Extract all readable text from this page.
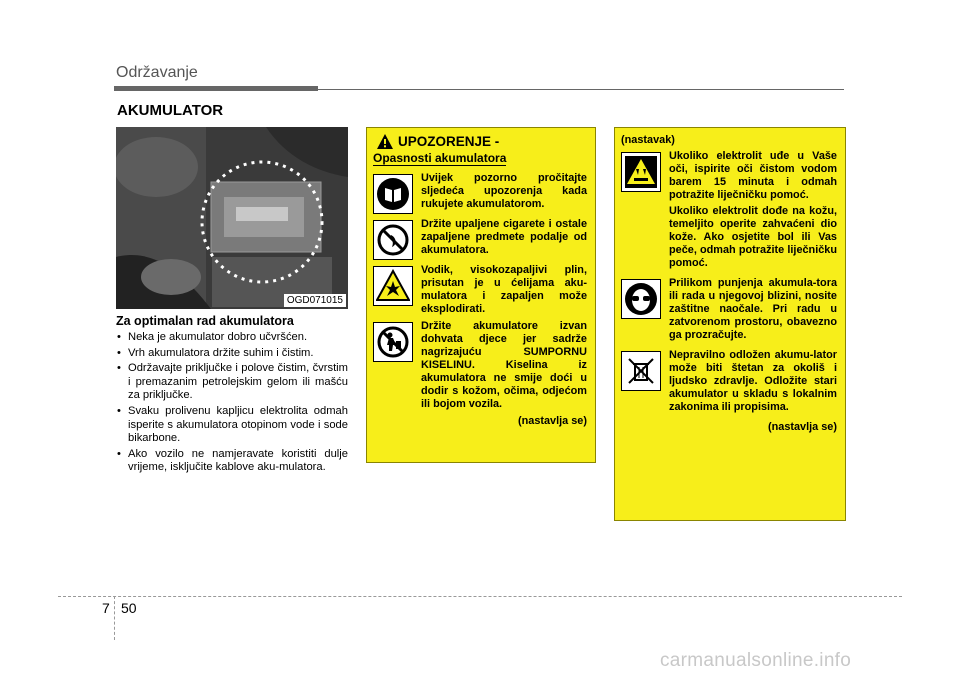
Održavanje
AKUMULATOR
OGD071015
Za optimalan rad akumulatora
• Neka je akumulator dobro učvršćen.
• Vrh akumulatora držite suhim i čistim.
• Održavajte priključke i polove čistim, čvrstim i premazanim petrolejskim gelom ili mašću za priključke.
• Svaku prolivenu kapljicu elektrolita odmah isperite s akumulatora otopinom vode i sode bikarbone.
• Ako vozilo ne namjeravate koristiti dulje vrijeme, isključite kablove aku-mulatora.
UPOZORENJE -
Opasnosti akumulatora
Uvijek pozorno pročitajte sljedeća upozorenja kada rukujete akumulatorom.
Držite upaljene cigarete i ostale zapaljene predmete podalje od akumulatora.
Vodik, visokozapaljivi plin, prisutan je u ćelijama aku-mulatora i zapaljen može eksplodirati.
Držite akumulatore izvan dohvata djece jer sadrže nagrizajuću SUMPORNU KISELINU. Kiselina iz akumulatora ne smije doći u dodir s kožom, očima, odjećom ili bojom vozila.
(nastavlja se)
(nastavak)

Ukoliko elektrolit uđe u Vaše oči, ispirite oči čistom vodom barem 15 minuta i odmah potražite liječničku pomoć.

Ukoliko elektrolit dođe na kožu, temeljito operite zahvaćeni dio kože. Ako osjetite bol ili Vas peče, odmah potražite liječničku pomoć.

Prilikom punjenja akumula-tora ili rada u njegovoj blizini, nosite zaštitne naočale. Pri radu u zatvorenom prostoru, obavezno ga prozračujte.

Nepravilno odložen akumu-lator može biti štetan za okoliš i ljudsko zdravlje. Odložite stari akumulator u skladu s lokalnim zakonima ili propisima.

(nastavlja se)
7 50
carmanualsonline.info
